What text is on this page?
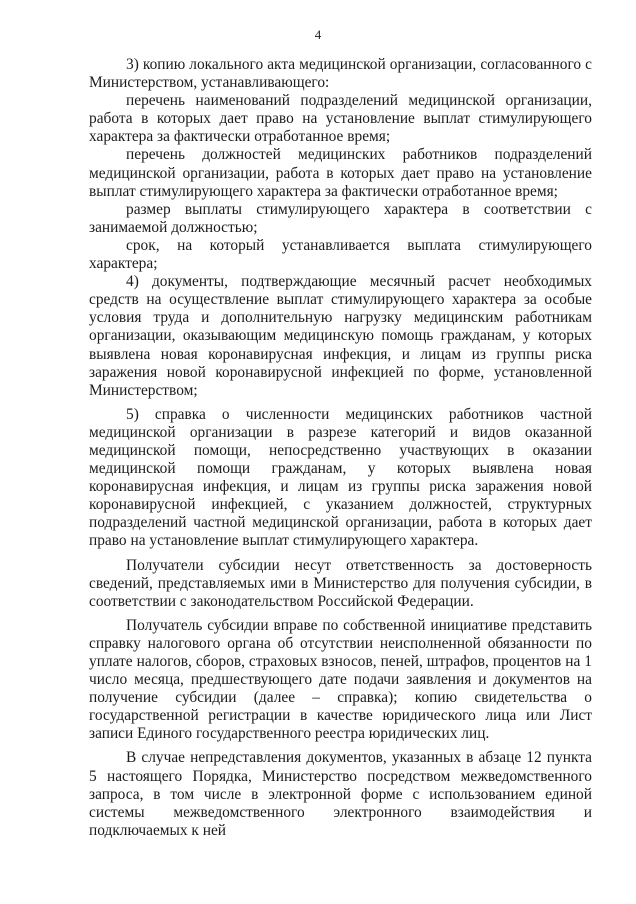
4

3) копию локального акта медицинской организации, согласованного с Министерством, устанавливающего:

перечень наименований подразделений медицинской организации, работа в которых дает право на установление выплат стимулирующего характера за фактически отработанное время;

перечень должностей медицинских работников подразделений медицинской организации, работа в которых дает право на установление выплат стимулирующего характера за фактически отработанное время;

размер выплаты стимулирующего характера в соответствии с занимаемой должностью;

срок, на который устанавливается выплата стимулирующего характера;

4) документы, подтверждающие месячный расчет необходимых средств на осуществление выплат стимулирующего характера за особые условия труда и дополнительную нагрузку медицинским работникам организации, оказывающим медицинскую помощь гражданам, у которых выявлена новая коронавирусная инфекция, и лицам из группы риска заражения новой коронавирусной инфекцией по форме, установленной Министерством;

5) справка о численности медицинских работников частной медицинской организации в разрезе категорий и видов оказанной медицинской помощи, непосредственно участвующих в оказании медицинской помощи гражданам, у которых выявлена новая коронавирусная инфекция, и лицам из группы риска заражения новой коронавирусной инфекцией, с указанием должностей, структурных подразделений частной медицинской организации, работа в которых дает право на установление выплат стимулирующего характера.

Получатели субсидии несут ответственность за достоверность сведений, представляемых ими в Министерство для получения субсидии, в соответствии с законодательством Российской Федерации.

Получатель субсидии вправе по собственной инициативе представить справку налогового органа об отсутствии неисполненной обязанности по уплате налогов, сборов, страховых взносов, пеней, штрафов, процентов на 1 число месяца, предшествующего дате подачи заявления и документов на получение субсидии (далее – справка); копию свидетельства о государственной регистрации в качестве юридического лица или Лист записи Единого государственного реестра юридических лиц.

В случае непредставления документов, указанных в абзаце 12 пункта 5 настоящего Порядка, Министерство посредством межведомственного запроса, в том числе в электронной форме с использованием единой системы межведомственного электронного взаимодействия и подключаемых к ней
